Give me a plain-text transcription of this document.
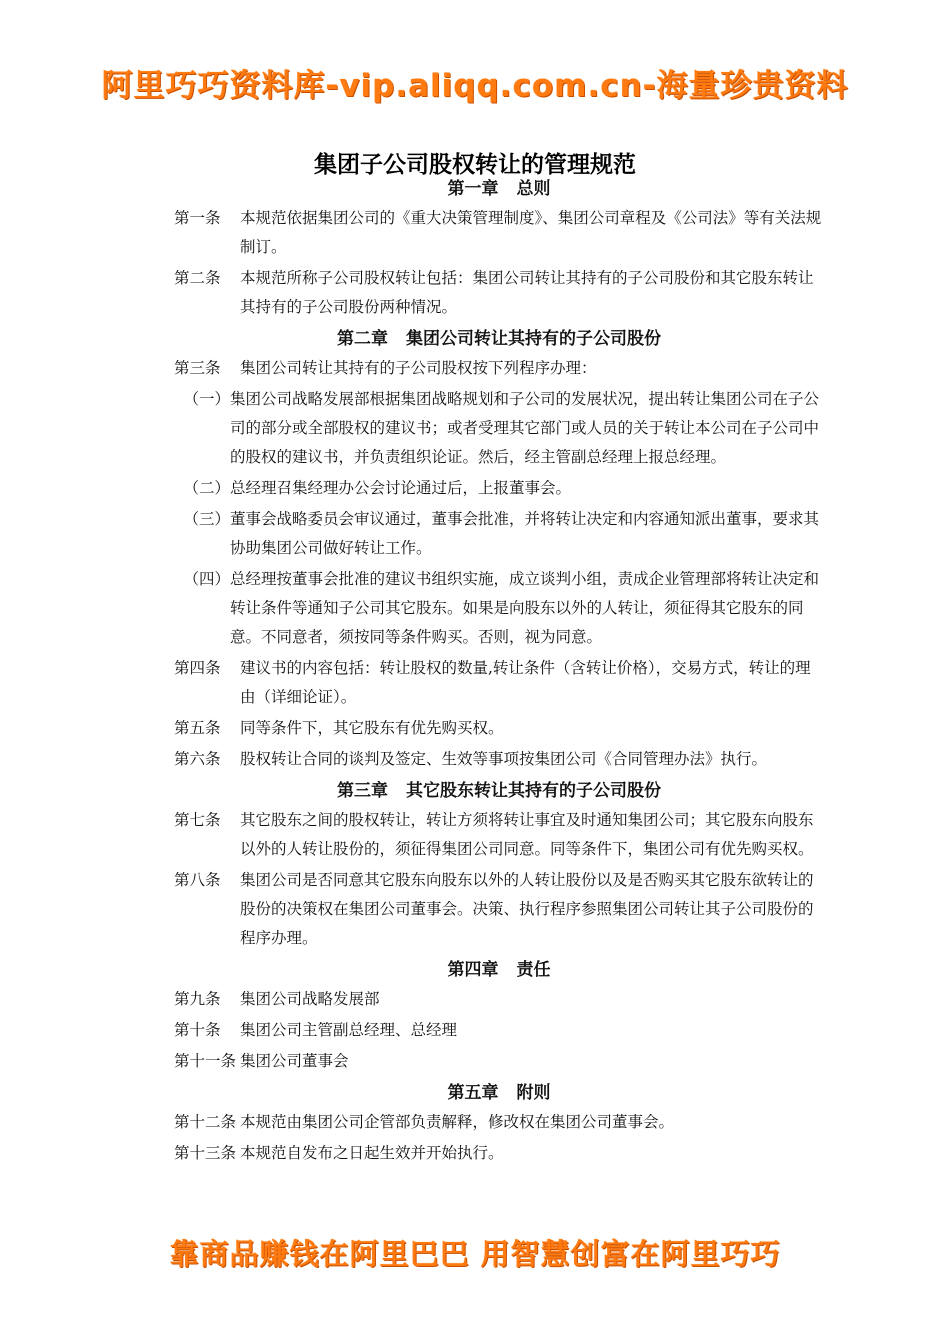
阿里巧巧资料库-vip.aliqq.com.cn-海量珍贵资料
集团子公司股权转让的管理规范
第一章 总则
第一条	本规范依据集团公司的《重大决策管理制度》、集团公司章程及《公司法》等有关法规制订。
第二条	本规范所称子公司股权转让包括：集团公司转让其持有的子公司股份和其它股东转让其持有的子公司股份两种情况。
第二章 集团公司转让其持有的子公司股份
第三条	集团公司转让其持有的子公司股权按下列程序办理：
（一） 集团公司战略发展部根据集团战略规划和子公司的发展状况，提出转让集团公司在子公司的部分或全部股权的建议书；或者受理其它部门或人员的关于转让本公司在子公司中的股权的建议书，并负责组织论证。然后，经主管副总经理上报总经理。
（二） 总经理召集经理办公会讨论通过后，上报董事会。
（三） 董事会战略委员会审议通过，董事会批准，并将转让决定和内容通知派出董事，要求其协助集团公司做好转让工作。
（四） 总经理按董事会批准的建议书组织实施，成立谈判小组，责成企业管理部将转让决定和转让条件等通知子公司其它股东。如果是向股东以外的人转让，须征得其它股东的同意。不同意者，须按同等条件购买。否则，视为同意。
第四条	建议书的内容包括：转让股权的数量,转让条件（含转让价格），交易方式，转让的理由（详细论证）。
第五条	同等条件下，其它股东有优先购买权。
第六条	股权转让合同的谈判及签定、生效等事项按集团公司《合同管理办法》执行。
第三章 其它股东转让其持有的子公司股份
第七条	其它股东之间的股权转让，转让方须将转让事宜及时通知集团公司；其它股东向股东以外的人转让股份的，须征得集团公司同意。同等条件下，集团公司有优先购买权。
第八条	集团公司是否同意其它股东向股东以外的人转让股份以及是否购买其它股东欲转让的股份的决策权在集团公司董事会。决策、执行程序参照集团公司转让其子公司股份的程序办理。
第四章 责任
第九条	集团公司战略发展部
第十条	集团公司主管副总经理、总经理
第十一条 集团公司董事会
第五章 附则
第十二条 本规范由集团公司企管部负责解释，修改权在集团公司董事会。
第十三条 本规范自发布之日起生效并开始执行。
靠商品赚钱在阿里巴巴 用智慧创富在阿里巧巧
